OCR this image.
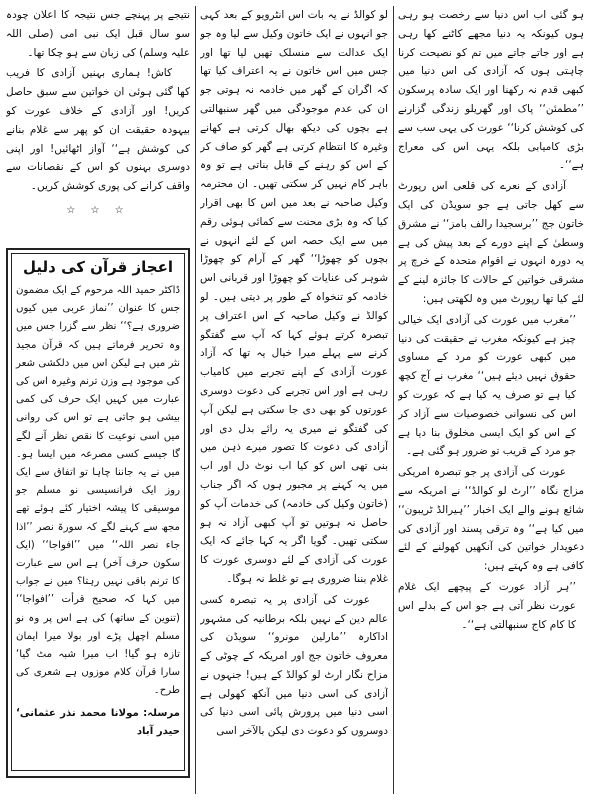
ہو گئی اب اس دنیا سے رخصت ہو رہی ہوں کیونکہ یہ دنیا مجھے کاٹنے کھا رہی ہے اور جاتے جاتے میں تم کو نصیحت کرنا چاہتی ہوں کہ آزادی کی اس دنیا میں کبھی قدم نہ رکھنا اور ایک سادہ پرسکون ’’مطمئن‘‘ پاک اور گھریلو زندگی گزارنے کی کوشش کرنا‘‘ عورت کی یہی سب سے بڑی کامیابی بلکہ یہی اس کی معراج ہے‘‘۔

آزادی کے نعرے کی قلعی اس رپورٹ سے کھل جاتی ہے جو سویڈن کی ایک خاتون جج ’’برسجیدا رالف بامز‘‘ نے مشرق وسطیٰ کے اپنے دورے کے بعد پیش کی ہے یہ دورہ انہوں نے اقوام متحدہ کے خرچ پر مشرقی خواتین کے حالات کا جائزہ لینے کے لئے کیا تھا رپورٹ میں وہ لکھتی ہیں:

’’مغرب میں عورت کی آزادی ایک خیالی چیز ہے کیونکہ مغرب نے حقیقت کی دنیا میں کبھی عورت کو مرد کے مساوی حقوق نہیں دیئے ہیں‘‘ مغرب نے آج کچھ کیا ہے تو صرف یہ کیا ہے کہ عورت کو اس کی نسوانی خصوصیات سے آزاد کر کے اس کو ایک ایسی مخلوق بنا دیا ہے جو مرد کے قریب تو ضرور ہو گئی ہے۔

عورت کی آزادی پر جو تبصرہ امریکی مزاج نگاہ ’’ارٹ لو کوالڈ‘‘ نے امریکہ سے شائع ہونے والے ایک اخبار ’’ہیرالڈ ٹریبون‘‘ میں کیا ہے‘‘ وہ ترقی پسند اور آزادی کی دعویدار خواتین کی آنکھیں کھولنے کے لئے کافی ہے وہ کہتے ہیں:

’’ہر آزاد عورت کے پیچھے ایک غلام عورت نظر آتی ہے جو اس کے بدلے اس کا کام کاج سنبھالتی ہے‘‘۔

لو کوالڈ نے یہ بات اس انٹرویو کے بعد کہی جو انہوں نے ایک خاتون وکیل سے لیا وہ جو ایک عدالت سے منسلک تھیں لیا تھا اور جس میں اس خاتون نے یہ اعتراف کیا تھا کہ اگران کے گھر میں خادمہ نہ ہوتی جو ان کی عدم موجودگی میں گھر سنبھالتی ہے بچوں کی دیکھ بھال کرتی ہے کھانے وغیرہ کا انتظام کرتی ہے گھر کو صاف کر کے اس کو رہنے کے قابل بناتی ہے تو وہ باہر کام نہیں کر سکتی تھیں۔ ان محترمہ وکیل صاحبہ نے بعد میں اس کا بھی اقرار کیا کہ وہ بڑی محنت سے کمائی ہوئی رقم میں سے ایک حصہ اس کے لئے انہوں نے بچوں کو چھوڑا‘‘ گھر کے آرام کو چھوڑا شوہر کی عنایات کو چھوڑا اور قربانی اس خادمہ کو تنخواہ کے طور پر دیتی ہیں۔ لو کوالڈ نے وکیل صاحبہ کے اس اعتراف پر تبصرہ کرتے ہوئے کہا کہ آپ سے گفتگو کرنے سے پہلے میرا خیال یہ تھا کہ آزاد عورت آزادی کے اپنے تجربے میں کامیاب رہی ہے اور اس تجربے کی دعوت دوسری عورتوں کو بھی دی جا سکتی ہے لیکن آپ کی گفتگو نے میری یہ رائے بدل دی اور آزادی کی دعوت کا تصور میرے ذہن میں بنی تھی اس کو کیا اب نوٹ دل اور اب میں یہ کہنے پر مجبور ہوں کہ اگر جناب (خاتون وکیل کی خادمہ) کی خدمات آپ کو حاصل نہ ہوتیں تو آپ کبھی آزاد نہ ہو سکتی تھیں۔ گویا اگر یہ کہا جائے کہ ایک عورت کی آزادی کے لئے دوسری عورت کا غلام بننا ضروری ہے تو غلط نہ ہوگا۔

عورت کی آزادی پر یہ تبصرہ کسی عالم دین کے نہیں بلکہ برطانیہ کی مشہور اداکارہ ’’مارلین مونرو‘‘ سویڈن کی معروف خاتون جج اور امریکہ کے چوٹی کے مزاح نگار ارٹ لو کوالڈ کے ہیں! جنہوں نے آزادی کی اسی دنیا میں آنکھ کھولی ہے اسی دنیا میں پرورش پائی اسی دنیا کی دوسروں کو دعوت دی لیکن بالآخر اسی

نتیجے پر پہنچے جس نتیجہ کا اعلان چودہ سو سال قبل ایک نبی امی (صلی اللہ علیہ وسلم) کی زبان سے ہو چکا تھا۔

کاش! ہماری بہنیں آزادی کا فریب کھا گئی ہوئی ان خواتین سے سبق حاصل کریں! اور آزادی کے خلاف عورت کو بیہودہ حقیقت ان کو پھر سے غلام بنانے کی کوشش ہے‘‘ آواز اٹھائیں! اور اپنی دوسری بہنوں کو اس کے نقصانات سے واقف کرانے کی پوری کوشش کریں۔

☆ ☆ ☆
اعجاز قرآن کی دلیل

ڈاکٹر حمید اللہ مرحوم کے ایک مضمون جس کا عنوان ’’نماز عربی میں کیوں ضروری ہے؟‘‘ نظر سے گزرا جس میں وہ تحریر فرماتے ہیں کہ قرآن مجید نثر میں ہے لیکن اس میں دلکشی شعر کی موجود ہے وزن ترنم وغیرہ اس کی عبارت میں کہیں ایک حرف کی کمی بیشی ہو جاتی ہے تو اس کی روانی میں اسی نوعیت کا نقص نظر آنے لگے گا جیسے کسی مصرعہ میں ایسا ہو۔ میں نے یہ جاننا چاہا تو اتفاق سے ایک روز ایک فرانسیسی نو مسلم جو موسیقی کا پیشہ اختیار کئے ہوئے تھے مجھ سے کہنے لگے کہ سورۃ نصر ’’اذا جاء نصر اللہ‘‘ میں ’’افواجا‘‘ (ایک سکون حرف آخر) ہے اس سے عبارت کا ترنم باقی نہیں رہتا؟ میں نے جواب میں کہا کہ صحیح قرأت ’’افواجا‘‘ (تنوین کے ساتھ) کی ہے اس پر وہ نو مسلم اچھل پڑے اور بولا میرا ایمان تازہ ہو گیا! اب میرا شبہ مٹ گیا‘ سارا قرآن کلام موزوں ہے شعری کی طرح۔

مرسلہ: مولانا محمد نذر عثمانی‘ حیدر آباد
